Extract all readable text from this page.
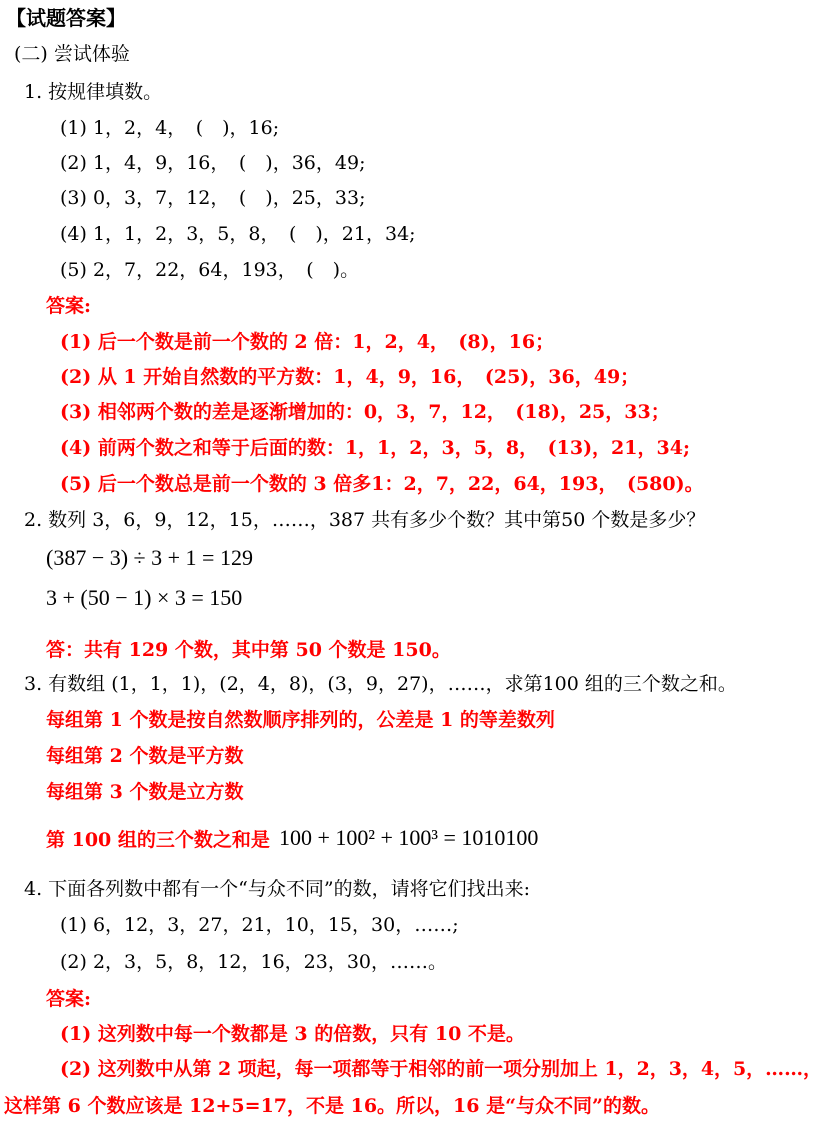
【试题答案】
(二) 尝试体验
1. 按规律填数。
(1) 1，2，4，　(　)，16;
(2) 1，4，9，16，　(　)，36，49;
(3) 0，3，7，12，　(　)，25，33;
(4) 1，1，2，3，5，8，　(　)，21，34;
(5) 2，7，22，64，193，　(　)。
答案:
(1) 后一个数是前一个数的 2 倍：1，2，4，　(8)，16；
(2) 从 1 开始自然数的平方数：1，4，9，16，　(25)，36，49；
(3) 相邻两个数的差是逐渐增加的：0，3，7，12，　(18)，25，33；
(4) 前两个数之和等于后面的数：1，1，2，3，5，8，　(13)，21，34;
(5) 后一个数总是前一个数的 3 倍多1：2，7，22，64，193，　(580)。
2. 数列 3，6，9，12，15，……，387 共有多少个数？其中第50 个数是多少？
(387 − 3) ÷ 3 + 1 = 129
3 + (50 − 1) × 3 = 150
答：共有 129 个数，其中第 50 个数是 150。
3. 有数组 (1，1，1)，(2，4，8)，(3，9，27)，……，求第100 组的三个数之和。
每组第 1 个数是按自然数顺序排列的，公差是 1 的等差数列
每组第 2 个数是平方数
每组第 3 个数是立方数
第 100 组的三个数之和是 100 + 100² + 100³ = 1010100
4. 下面各列数中都有一个“与众不同”的数，请将它们找出来:
(1) 6，12，3，27，21，10，15，30，……;
(2) 2，3，5，8，12，16，23，30，……。
答案:
(1) 这列数中每一个数都是 3 的倍数，只有 10 不是。
(2) 这列数中从第 2 项起，每一项都等于相邻的前一项分别加上 1，2，3，4，5，……，
这样第 6 个数应该是 12+5=17，不是 16。所以，16 是“与众不同”的数。
